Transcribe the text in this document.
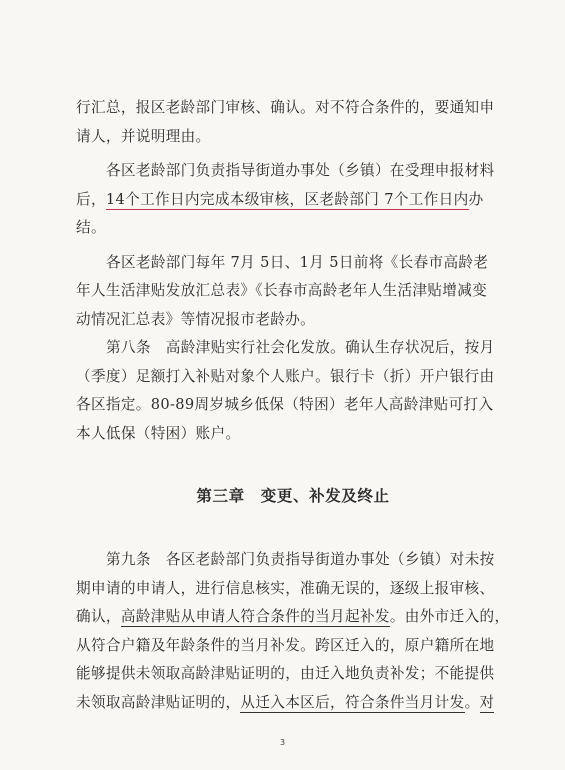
行汇总，报区老龄部门审核、确认。对不符合条件的，要通知申
请人，并说明理由。
各区老龄部门负责指导街道办事处（乡镇）在受理申报材料
后，14个工作日内完成本级审核，区老龄部门 7个工作日内办
结。
各区老龄部门每年 7月 5日、1月 5日前将《长春市高龄老
年人生活津贴发放汇总表》《长春市高龄老年人生活津贴增减变
动情况汇总表》等情况报市老龄办。
第八条　高龄津贴实行社会化发放。确认生存状况后，按月
（季度）足额打入补贴对象个人账户。银行卡（折）开户银行由
各区指定。80-89周岁城乡低保（特困）老年人高龄津贴可打入
本人低保（特困）账户。
第三章　变更、补发及终止
第九条　各区老龄部门负责指导街道办事处（乡镇）对未按
期申请的申请人，进行信息核实，准确无误的，逐级上报审核、
确认，高龄津贴从申请人符合条件的当月起补发。由外市迁入的，
从符合户籍及年龄条件的当月补发。跨区迁入的，原户籍所在地
能够提供未领取高龄津贴证明的，由迁入地负责补发；不能提供
未领取高龄津贴证明的，从迁入本区后，符合条件当月计发。对
3
